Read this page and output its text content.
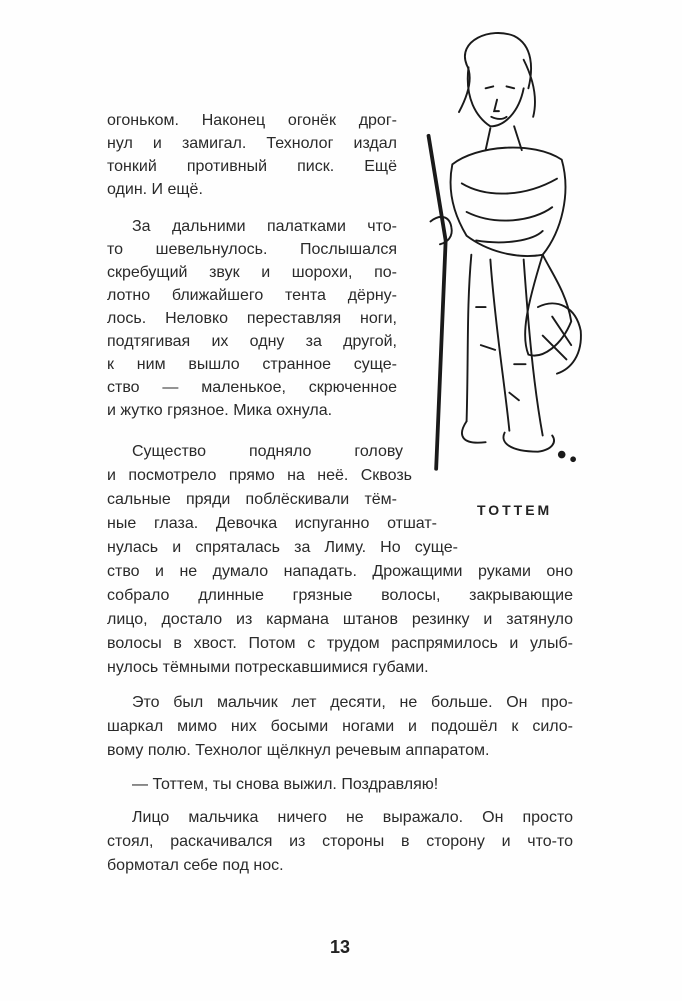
ТОТТЕМ
огоньком. Наконец огонёк дрог-
нул и замигал. Технолог издал
тонкий противный писк. Ещё
один. И ещё.
За дальними палатками что-
то шевельнулось. Послышался
скребущий звук и шорохи, по-
лотно ближайшего тента дёрну-
лось. Неловко переставляя ноги,
подтягивая их одну за другой,
к ним вышло странное суще-
ство — маленькое, скрюченное
и жутко грязное. Мика охнула.
Существо подняло голову
и посмотрело прямо на неё. Сквозь
сальные пряди поблёскивали тём-
ные глаза. Девочка испуганно отшат-
нулась и спряталась за Лиму. Но суще-
ство и не думало нападать. Дрожащими руками оно
собрало длинные грязные волосы, закрывающие
лицо, достало из кармана штанов резинку и затянуло
волосы в хвост. Потом с трудом распрямилось и улыб-
нулось тёмными потрескавшимися губами.
Это был мальчик лет десяти, не больше. Он про-
шаркал мимо них босыми ногами и подошёл к сило-
вому полю. Технолог щёлкнул речевым аппаратом.
— Тоттем, ты снова выжил. Поздравляю!
Лицо мальчика ничего не выражало. Он просто
стоял, раскачивался из стороны в сторону и что-то
бормотал себе под нос.
13
